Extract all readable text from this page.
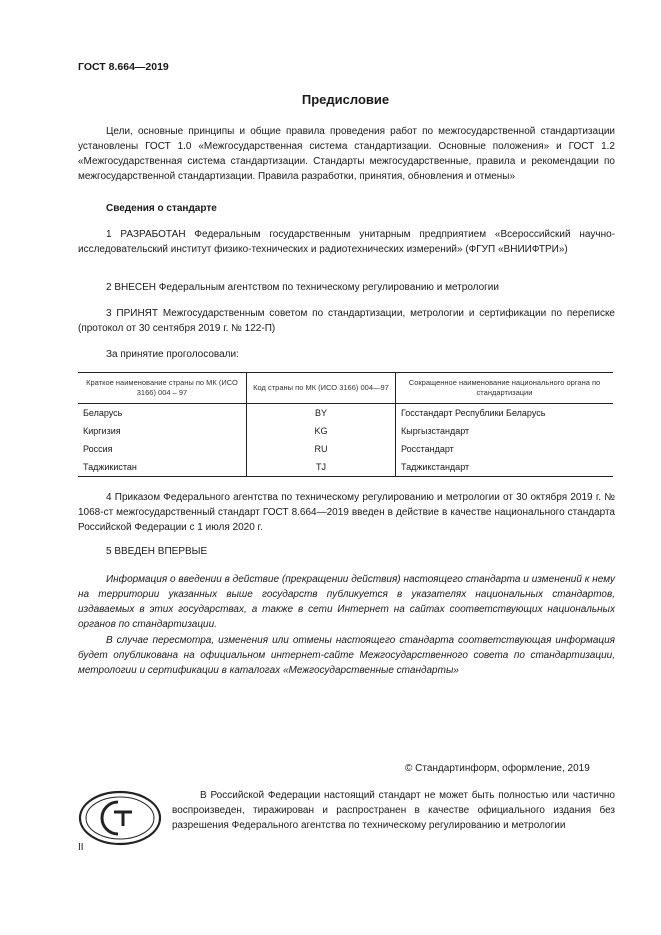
ГОСТ 8.664—2019
Предисловие
Цели, основные принципы и общие правила проведения работ по межгосударственной стандартизации установлены ГОСТ 1.0 «Межгосударственная система стандартизации. Основные положения» и ГОСТ 1.2 «Межгосударственная система стандартизации. Стандарты межгосударственные, правила и рекомендации по межгосударственной стандартизации. Правила разработки, принятия, обновления и отмены»
Сведения о стандарте
1 РАЗРАБОТАН Федеральным государственным унитарным предприятием «Всероссийский научно-исследовательский институт физико-технических и радиотехнических измерений» (ФГУП «ВНИИФТРИ»)
2 ВНЕСЕН Федеральным агентством по техническому регулированию и метрологии
3 ПРИНЯТ Межгосударственным советом по стандартизации, метрологии и сертификации по переписке (протокол от 30 сентября 2019 г. № 122-П)
За принятие проголосовали:
Краткое наименование страны по МК (ИСО 3166) 004 – 97	Код страны по МК (ИСО 3166) 004—97	Сокращенное наименование национального органа по стандартизации
Беларусь	BY	Госстандарт Республики Беларусь
Киргизия	KG	Кыргызстандарт
Россия	RU	Росстандарт
Таджикистан	TJ	Таджикстандарт
4 Приказом Федерального агентства по техническому регулированию и метрологии от 30 октября 2019 г. № 1068-ст межгосударственный стандарт ГОСТ 8.664—2019 введен в действие в качестве национального стандарта Российской Федерации с 1 июля 2020 г.
5 ВВЕДЕН ВПЕРВЫЕ
Информация о введении в действие (прекращении действия) настоящего стандарта и изменений к нему на территории указанных выше государств публикуется в указателях национальных стандартов, издаваемых в этих государствах, а также в сети Интернет на сайтах соответствующих национальных органов по стандартизации.
В случае пересмотра, изменения или отмены настоящего стандарта соответствующая информация будет опубликована на официальном интернет-сайте Межгосударственного совета по стандартизации, метрологии и сертификации в каталогах «Межгосударственные стандарты»
© Стандартинформ, оформление, 2019
В Российской Федерации настоящий стандарт не может быть полностью или частично воспроизведен, тиражирован и распространен в качестве официального издания без разрешения Федерального агентства по техническому регулированию и метрологии
II
